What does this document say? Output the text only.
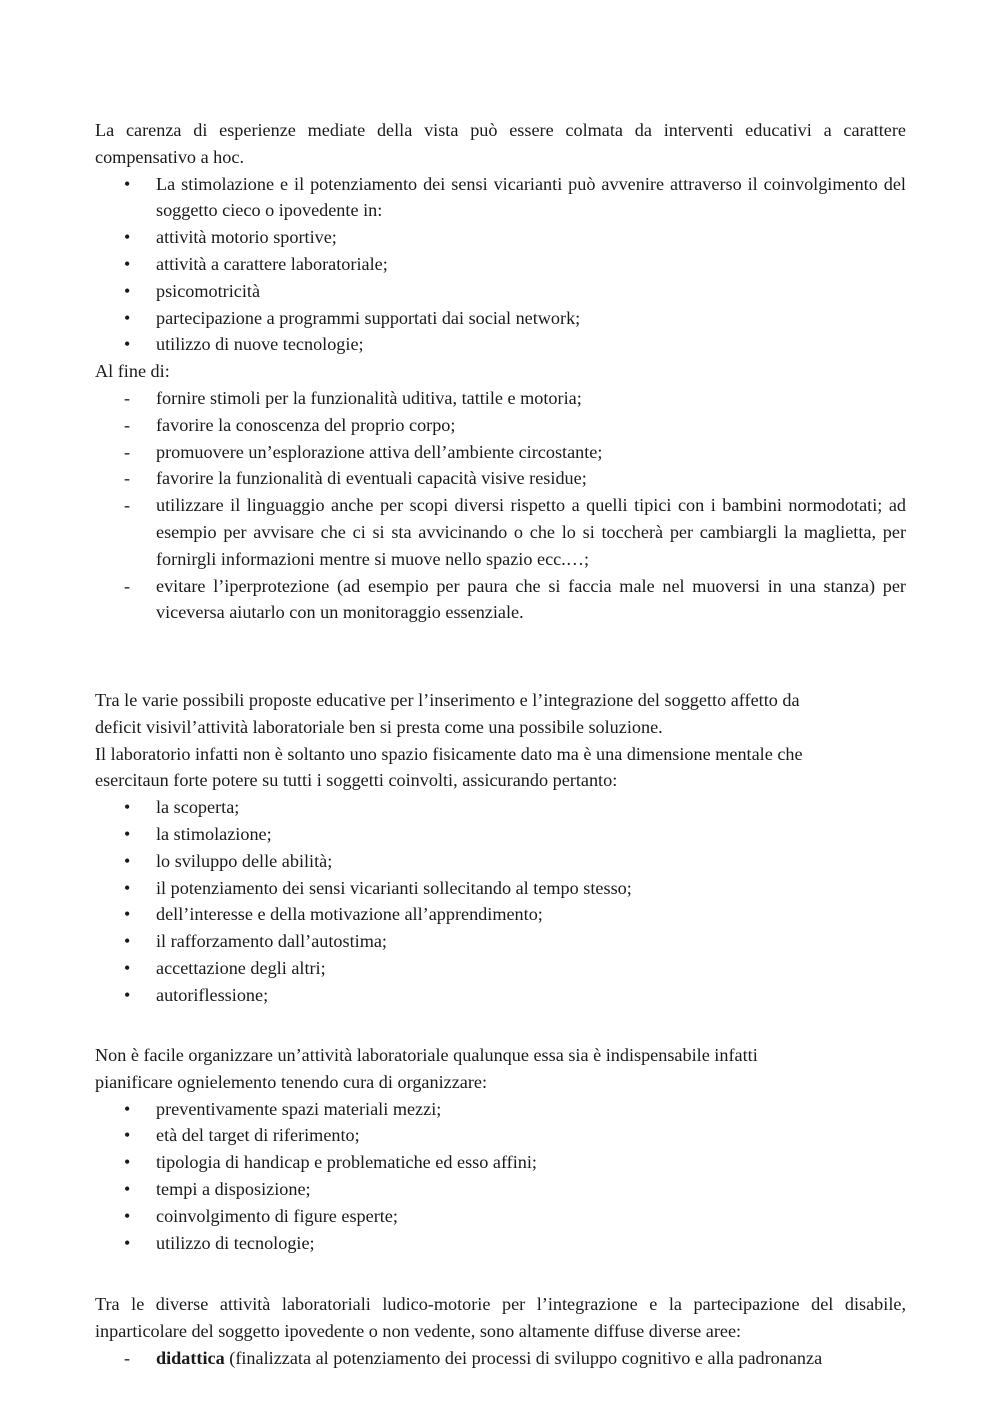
La carenza di esperienze mediate della vista può essere colmata da interventi educativi a carattere compensativo a hoc.

•
La stimolazione e il potenziamento dei sensi vicarianti può avvenire attraverso il coinvolgimento del soggetto cieco o ipovedente in:
•
attività motorio sportive;
•
attività a carattere laboratoriale;
•
psicomotricità
•
partecipazione a programmi supportati dai social network;
•
utilizzo di nuove tecnologie;

Al fine di:

-
fornire stimoli per la funzionalità uditiva, tattile e motoria;
-
favorire la conoscenza del proprio corpo;
-
promuovere un’esplorazione attiva dell’ambiente circostante;
-
favorire la funzionalità di eventuali capacità visive residue;
-
utilizzare il linguaggio anche per scopi diversi rispetto a quelli tipici con i bambini normodotati; ad esempio per avvisare che ci si sta avvicinando o che lo si toccherà per cambiargli la maglietta, per fornirgli informazioni mentre si muove nello spazio ecc.…;
-
evitare l’iperprotezione (ad esempio per paura che si faccia male nel muoversi in una stanza) per viceversa aiutarlo con un monitoraggio essenziale.

Tra le varie possibili proposte educative per l’inserimento e l’integrazione del soggetto affetto da

deficit visivil’attività laboratoriale ben si presta come una possibile soluzione.

Il laboratorio infatti non è soltanto uno spazio fisicamente dato ma è una dimensione mentale che

esercitaun forte potere su tutti i soggetti coinvolti, assicurando pertanto:

•
la scoperta;
•
la stimolazione;
•
lo sviluppo delle abilità;
•
il potenziamento dei sensi vicarianti sollecitando al tempo stesso;
•
dell’interesse e della motivazione all’apprendimento;
•
il rafforzamento dall’autostima;
•
accettazione degli altri;
•
autoriflessione;

Non è facile organizzare un’attività laboratoriale qualunque essa sia è indispensabile infatti

pianificare ognielemento tenendo cura di organizzare:

•
preventivamente spazi materiali mezzi;
•
età del target di riferimento;
•
tipologia di handicap e problematiche ed esso affini;
•
tempi a disposizione;
•
coinvolgimento di figure esperte;
•
utilizzo di tecnologie;

Tra le diverse attività laboratoriali ludico-motorie per l’integrazione e la partecipazione del disabile, inparticolare del soggetto ipovedente o non vedente, sono altamente diffuse diverse aree:

-
didattica (finalizzata al potenziamento dei processi di sviluppo cognitivo e alla padronanza
